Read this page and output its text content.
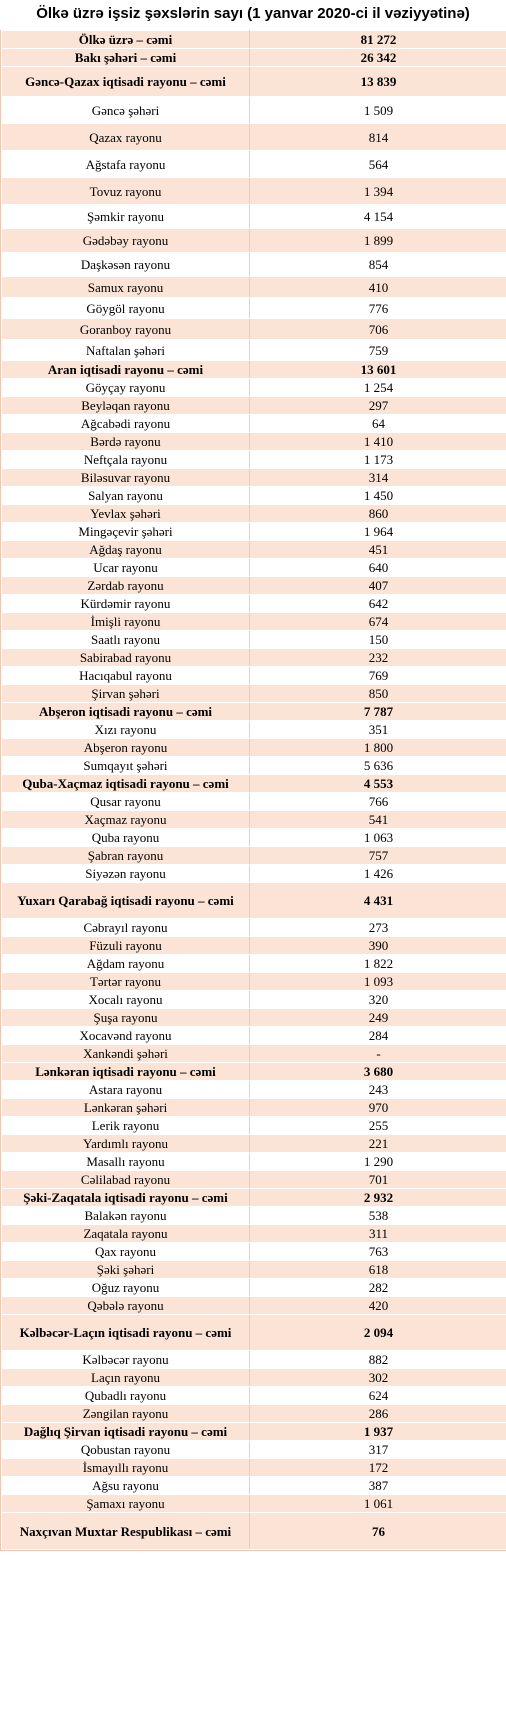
Ölkə üzrə işsiz şəxslərin sayı (1 yanvar 2020-ci il vəziyyətinə)
Ölkə üzrə – cəmi	81 272
Bakı şəhəri – cəmi	26 342
Gəncə-Qazax iqtisadi rayonu – cəmi	13 839
Gəncə şəhəri	1 509
Qazax rayonu	814
Ağstafa rayonu	564
Tovuz rayonu	1 394
Şəmkir rayonu	4 154
Gədəbəy rayonu	1 899
Daşkəsən rayonu	854
Samux rayonu	410
Göygöl rayonu	776
Goranboy rayonu	706
Naftalan şəhəri	759
Aran iqtisadi rayonu – cəmi	13 601
Göyçay rayonu	1 254
Beyləqan rayonu	297
Ağcabədi rayonu	64
Bərdə rayonu	1 410
Neftçala rayonu	1 173
Biləsuvar rayonu	314
Salyan rayonu	1 450
Yevlax şəhəri	860
Mingəçevir şəhəri	1 964
Ağdaş rayonu	451
Ucar rayonu	640
Zərdab rayonu	407
Kürdəmir rayonu	642
İmişli rayonu	674
Saatlı rayonu	150
Sabirabad rayonu	232
Hacıqabul rayonu	769
Şirvan şəhəri	850
Abşeron iqtisadi rayonu – cəmi	7 787
Xızı rayonu	351
Abşeron rayonu	1 800
Sumqayıt şəhəri	5 636
Quba-Xaçmaz iqtisadi rayonu – cəmi	4 553
Qusar rayonu	766
Xaçmaz rayonu	541
Quba rayonu	1 063
Şabran rayonu	757
Siyəzən rayonu	1 426
Yuxarı Qarabağ iqtisadi rayonu – cəmi	4 431
Cəbrayıl rayonu	273
Füzuli rayonu	390
Ağdam rayonu	1 822
Tərtər rayonu	1 093
Xocalı rayonu	320
Şuşa rayonu	249
Xocavənd rayonu	284
Xankəndi şəhəri	-
Lənkəran iqtisadi rayonu – cəmi	3 680
Astara rayonu	243
Lənkəran şəhəri	970
Lerik rayonu	255
Yardımlı rayonu	221
Masallı rayonu	1 290
Cəlilabad rayonu	701
Şəki-Zaqatala iqtisadi rayonu – cəmi	2 932
Balakən rayonu	538
Zaqatala rayonu	311
Qax rayonu	763
Şəki şəhəri	618
Oğuz rayonu	282
Qəbələ rayonu	420
Kəlbəcər-Laçın iqtisadi rayonu – cəmi	2 094
Kəlbəcər rayonu	882
Laçın rayonu	302
Qubadlı rayonu	624
Zəngilan rayonu	286
Dağlıq Şirvan iqtisadi rayonu – cəmi	1 937
Qobustan rayonu	317
İsmayıllı rayonu	172
Ağsu rayonu	387
Şamaxı rayonu	1 061
Naxçıvan Muxtar Respublikası – cəmi	76
